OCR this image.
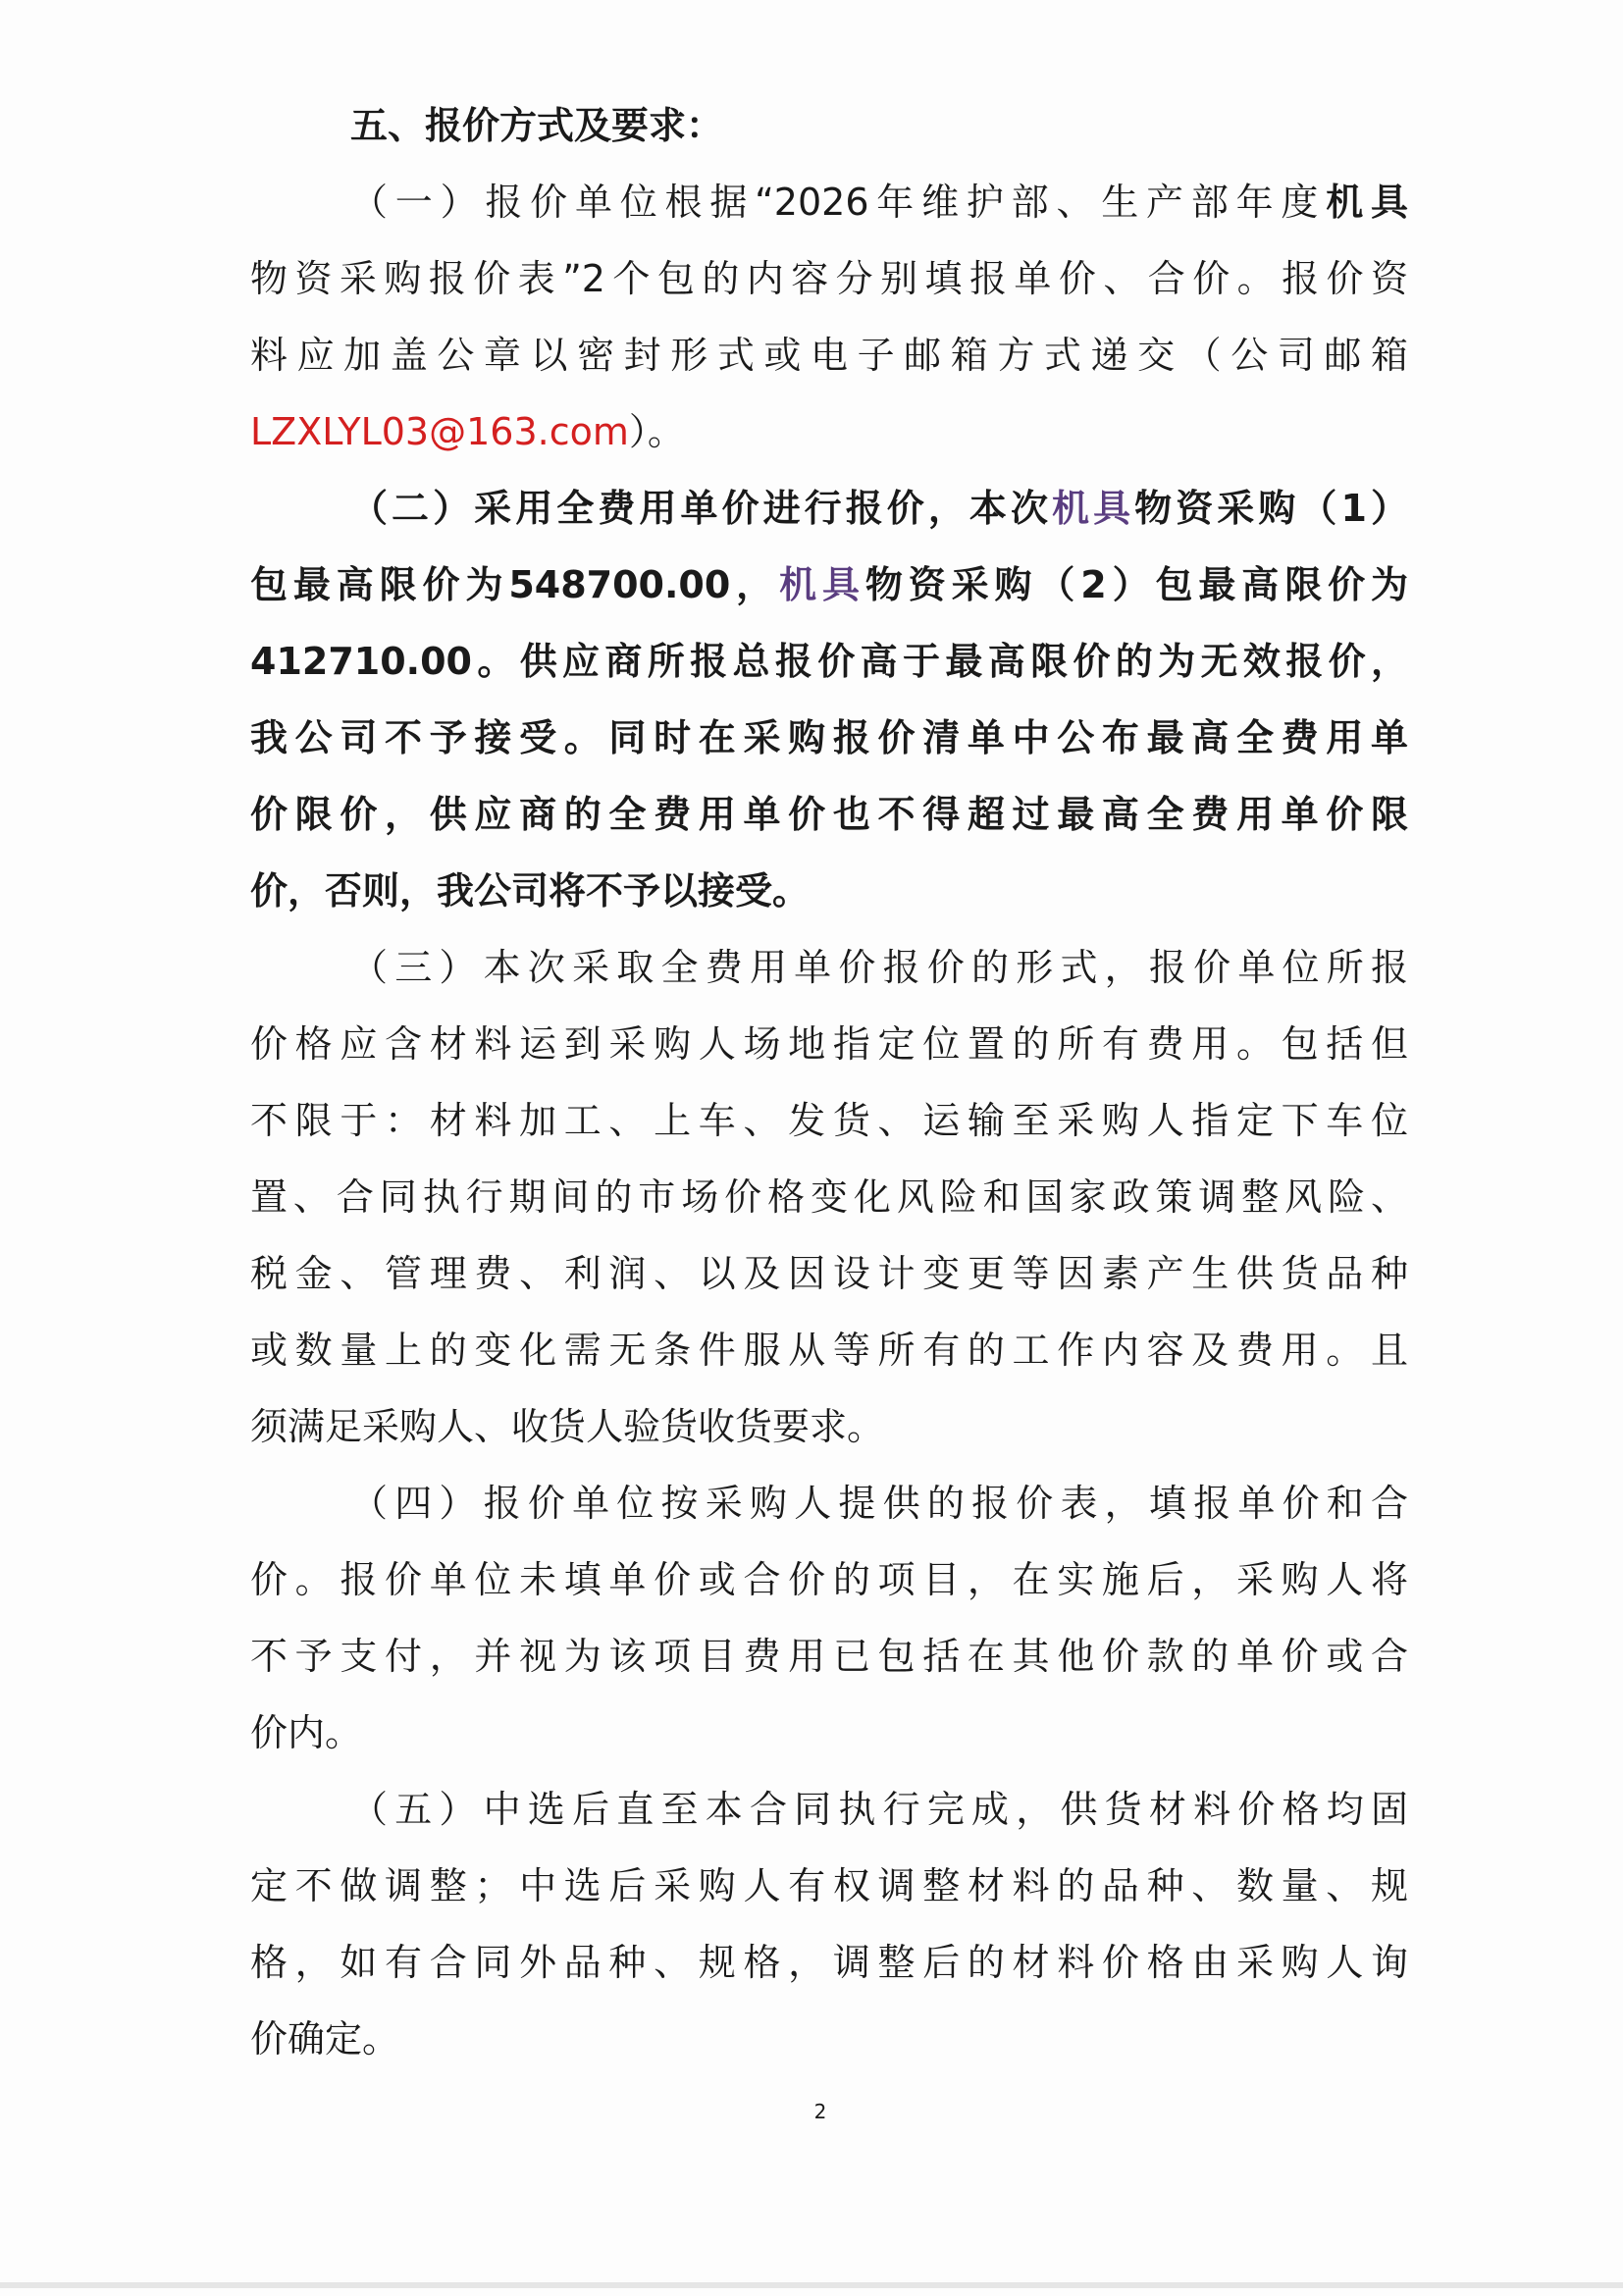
五、报价方式及要求：
（一）报价单位根据“2026年维护部、生产部年度机具
物资采购报价表”2个包的内容分别填报单价、合价。报价资
料应加盖公章以密封形式或电子邮箱方式递交（公司邮箱
LZXLYL03@163.com）。
（二）采用全费用单价进行报价，本次机具物资采购（1）
包最高限价为548700.00，机具物资采购（2）包最高限价为
412710.00。供应商所报总报价高于最高限价的为无效报价，
我公司不予接受。同时在采购报价清单中公布最高全费用单
价限价，供应商的全费用单价也不得超过最高全费用单价限
价，否则，我公司将不予以接受。
（三）本次采取全费用单价报价的形式，报价单位所报
价格应含材料运到采购人场地指定位置的所有费用。包括但
不限于：材料加工、上车、发货、运输至采购人指定下车位
置、合同执行期间的市场价格变化风险和国家政策调整风险、
税金、管理费、利润、以及因设计变更等因素产生供货品种
或数量上的变化需无条件服从等所有的工作内容及费用。且
须满足采购人、收货人验货收货要求。
（四）报价单位按采购人提供的报价表，填报单价和合
价。报价单位未填单价或合价的项目，在实施后，采购人将
不予支付，并视为该项目费用已包括在其他价款的单价或合
价内。
（五）中选后直至本合同执行完成，供货材料价格均固
定不做调整；中选后采购人有权调整材料的品种、数量、规
格，如有合同外品种、规格，调整后的材料价格由采购人询
价确定。
2
